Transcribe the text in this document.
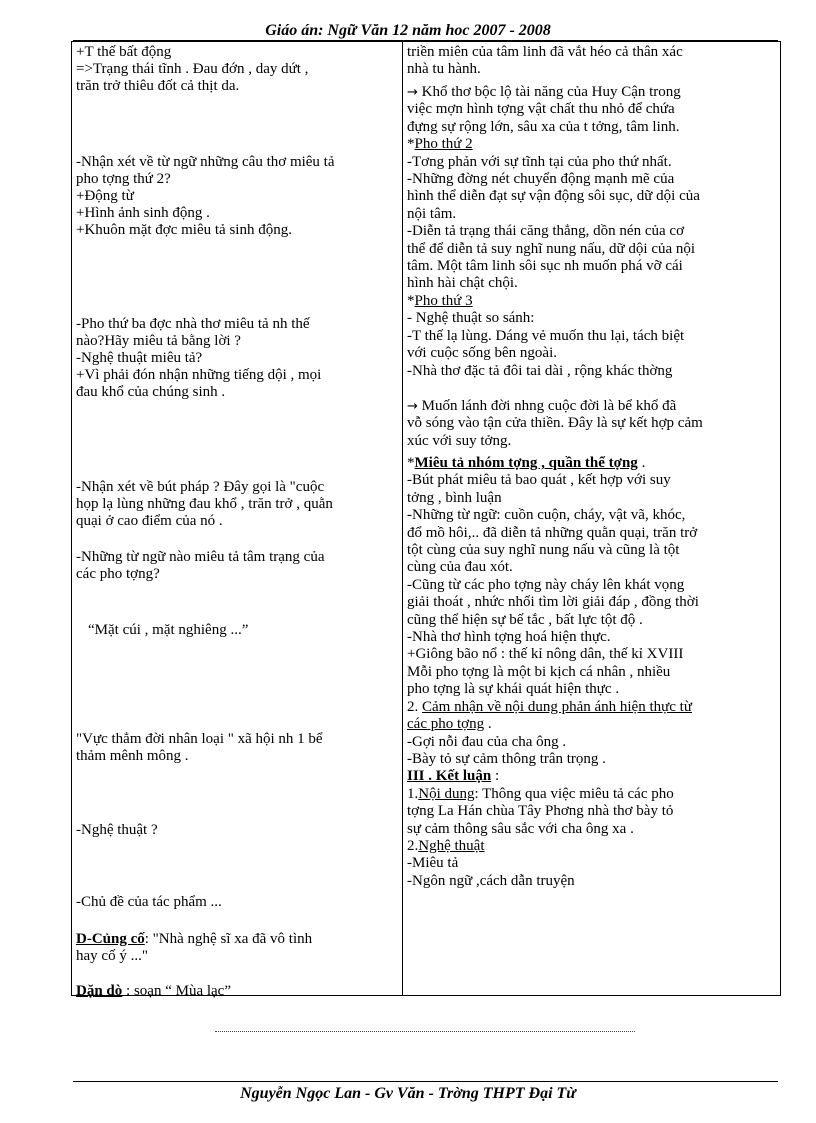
Giáo án: Ngữ Văn 12 năm hoc 2007 - 2008

+T thế bất động

=>Trạng thái tĩnh . Đau đớn , day dứt ,

trăn trở thiêu đốt cả thịt da.

-Nhận xét về từ ngữ những câu thơ miêu tả

pho tợng thứ 2?

+Động từ

+Hình ảnh sinh động .

+Khuôn mặt đợc miêu tả sinh động.

-Pho thứ ba đợc nhà thơ miêu tả nh thế

nào?Hãy miêu tả bằng lời ?

-Nghệ thuật miêu tả?

+Vì phải đón nhận những tiếng dội , mọi

đau khổ của chúng sinh .

-Nhận xét về bút pháp ? Đây gọi là "cuộc

họp lạ lùng những đau khổ , trăn trở , quằn

quại ở cao điểm của nó .

-Những từ ngữ nào miêu tả tâm trạng của

các pho tợng?

“Mặt cúi , mặt nghiêng ...”

"Vực thẳm đời nhân loại " xã hội nh 1 bể

thảm mênh mông .

-Nghệ thuật ?

-Chủ đề của tác phẩm ...

D-Củng cố: "Nhà nghệ sĩ xa đã vô tình

hay cố ý ..."

Dặn dò : soạn “ Mùa lạc”

triền miên của tâm linh đã vắt héo cả thân xác

nhà tu hành.

→ Khổ thơ bộc lộ tài năng của Huy Cận trong

việc mợn hình tợng vật chất thu nhỏ để chứa

đựng sự rộng lớn, sâu xa của t tởng, tâm linh.

*Pho thứ 2

-Tơng phản với sự tĩnh tại của pho thứ nhất.

-Những đờng nét chuyển động mạnh mẽ của

hình thể diễn đạt sự vận động sôi sục, dữ dội của

nội tâm.

-Diễn tả trạng thái căng thẳng, dồn nén của cơ

thể để diễn tả suy nghĩ nung nấu, dữ dội của nội

tâm. Một tâm linh sôi sục nh muốn phá vỡ cái

hình hài chật chội.

*Pho thứ 3

- Nghệ thuật so sánh:

-T thế lạ lùng. Dáng vẻ muốn thu lại, tách biệt

với cuộc sống bên ngoài.

-Nhà thơ đặc tả đôi tai dài , rộng khác thờng

→ Muốn lánh đời nhng cuộc đời là bể khổ đã

vỗ sóng vào tận cửa thiền. Đây là sự kết hợp cảm

xúc với suy tởng.

*Miêu tả nhóm tợng , quần thể tợng .

-Bút phát miêu tả bao quát , kết hợp với suy

tởng , bình luận

-Những từ ngữ: cuồn cuộn, cháy, vật vã, khóc,

đổ mồ hôi,.. đã diễn tả những quằn quại, trăn trở

tột cùng của suy nghĩ nung nấu và cũng là tột

cùng của đau xót.

-Cũng từ các pho tợng này cháy lên khát vọng

giải thoát , nhức nhối tìm lời giải đáp , đồng thời

cũng thể hiện sự bế tắc , bất lực tột độ .

-Nhà thơ hình tợng hoá hiện thực.

+Giông bão nổ : thế kỉ nông dân, thế kỉ XVIII

Mỗi pho tợng là một bi kịch cá nhân , nhiều

pho tợng là sự khái quát hiện thực .

2. Cảm nhận về nội dung phản ánh hiện thực từ

các pho tợng .

-Gợi nỗi đau của cha ông .

-Bày tỏ sự cảm thông trân trọng .

III . Kết luận :

1.Nội dung: Thông qua việc miêu tả các pho

tợng La Hán chùa Tây Phơng nhà thơ bày tỏ

sự cảm thông sâu sắc với cha ông xa .

2.Nghệ thuật

-Miêu tả

-Ngôn ngữ ,cách dẫn truyện

Nguyễn Ngọc Lan - Gv Văn - Trờng THPT Đại Từ
